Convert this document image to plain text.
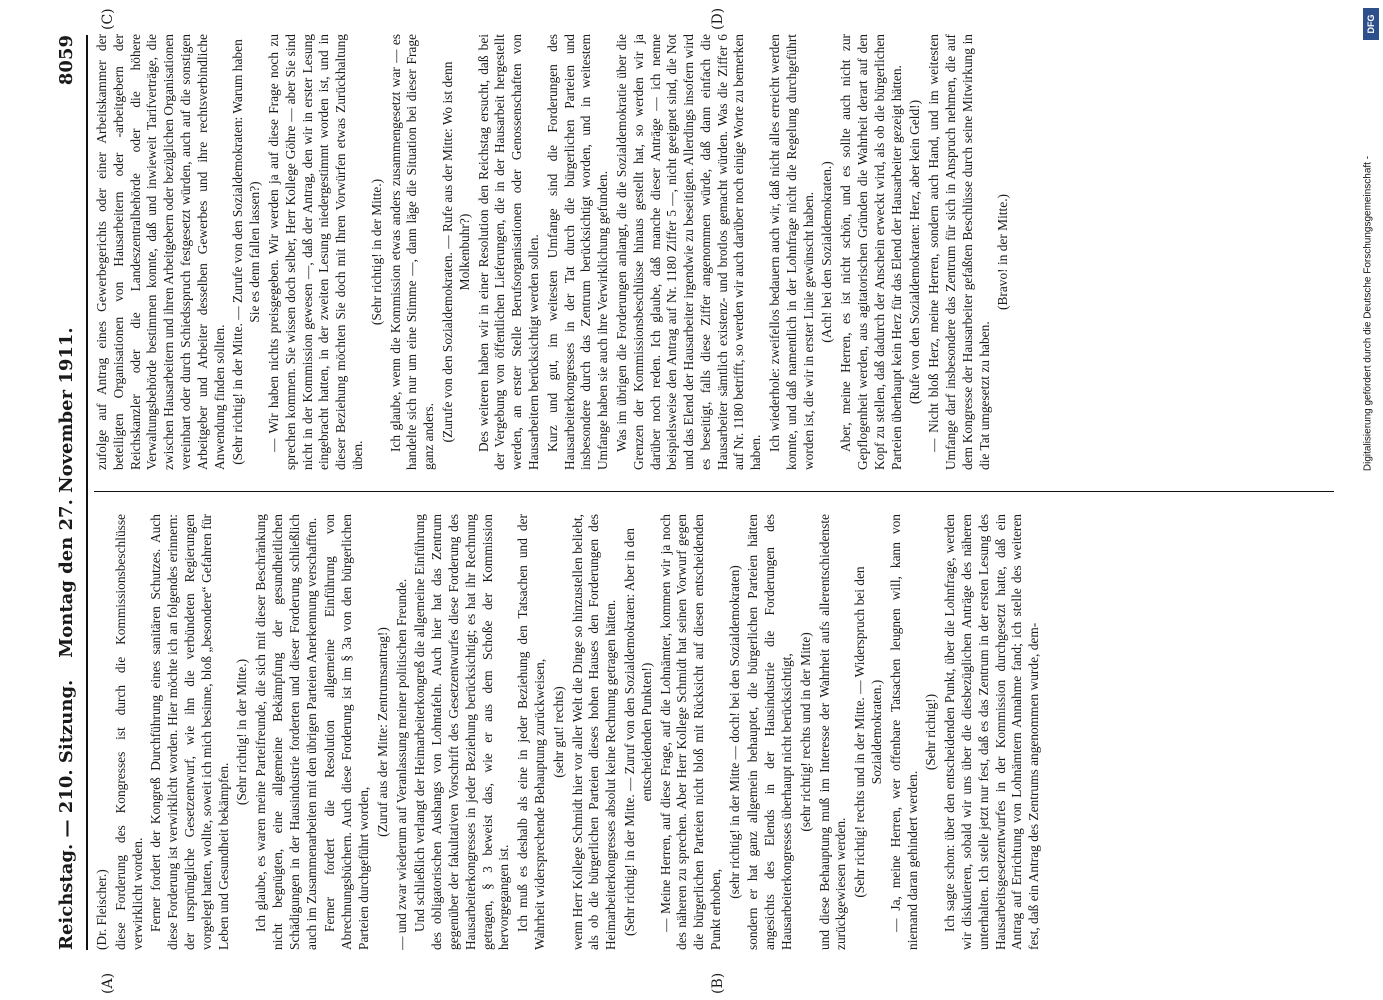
Reichstag. — 210. Sitzung.
Montag den 27. November 1911.
8059

(Dr. Fleischer.) diese Forderung des Kongresses ist durch die Kommissionsbeschlüsse verwirklicht worden. Ferner fordert der Kongreß Durchführung eines sanitären Schutzes. Auch diese Forderung ist verwirklicht worden. Hier möchte ich an folgendes erinnern: der ursprüngliche Gesetzentwurf, wie ihn die verbündeten Regierungen vorgelegt hatten, wollte, soweit ich mich besinne, bloß „besondere“ Gefahren für Leben und Gesundheit bekämpfen.

(Sehr richtig! in der Mitte.) Ich glaube, es waren meine Parteifreunde, die sich mit dieser Beschränkung nicht begnügten, eine allgemeine Bekämpfung der gesundheitlichen Schädigungen in der Hausindustrie forderten und dieser Forderung schließlich auch im Zusammenarbeiten mit den übrigen Parteien Anerkennung verschafften. Ferner fordert die Resolution allgemeine Einführung von Abrechnungsbüchern. Auch diese Forderung ist im § 3a von den bürgerlichen Parteien durchgeführt worden,

(Zuruf aus der Mitte: Zentrumsantrag!) — und zwar wiederum auf Veranlassung meiner politischen Freunde. Und schließlich verlangt der Heimarbeiterkongreß die allgemeine Einführung des obligatorischen Aushangs von Lohntafeln. Auch hier hat das Zentrum gegenüber der fakultativen Vorschrift des Gesetzentwurfes diese Forderung des Hausarbeiterkongresses in jeder Beziehung berücksichtigt; es hat ihr Rechnung getragen, § 3 beweist das, wie er aus dem Schoße der Kommission hervorgegangen ist. Ich muß es deshalb als eine in jeder Beziehung den Tatsachen und der Wahrheit widersprechende Behauptung zurückweisen, (sehr gut! rechts) wenn Herr Kollege Schmidt hier vor aller Welt die Dinge so hinzustellen beliebt, als ob die bürgerlichen Parteien dieses hohen Hauses den Forderungen des Heimarbeiterkongresses absolut keine Rechnung getragen hätten. (Sehr richtig! in der Mitte. — Zuruf von den Sozialdemokraten: Aber in den entscheidenden Punkten!) — Meine Herren, auf diese Frage, auf die Lohnämter, kommen wir ja noch des näheren zu sprechen. Aber Herr Kollege Schmidt hat seinen Vorwurf gegen die bürgerlichen Parteien nicht bloß mit Rücksicht auf diesen entscheidenden Punkt erhoben,

(sehr richtig! in der Mitte — doch! bei den Sozialdemokraten) sondern er hat ganz allgemein behauptet, die bürgerlichen Parteien hätten angesichts des Elends in der Hausindustrie die Forderungen des Hausarbeiterkongresses überhaupt nicht berücksichtigt, (sehr richtig! rechts und in der Mitte) und diese Behauptung muß im Interesse der Wahrheit aufs allerentschiedenste zurückgewiesen werden. (Sehr richtig! rechts und in der Mitte. — Widerspruch bei den Sozialdemokraten.) — Ja, meine Herren, wer offenbare Tatsachen leugnen will, kann von niemand daran gehindert werden.

(Sehr richtig!) Ich sagte schon: über den entscheidenden Punkt, über die Lohnfrage, werden wir diskutieren, sobald wir uns über die diesbezüglichen Anträge des näheren unterhalten. Ich stelle jetzt nur fest, daß es das Zentrum in der ersten Lesung des Hausarbeitsgesetzentwurfes in der Kommission durchgesetzt hatte, daß ein Antrag auf Errichtung von Lohnämtern Annahme fand; ich stelle des weiteren fest, daß ein Antrag des Zentrums angenommen wurde, dem-

zufolge auf Antrag eines Gewerbegerichts oder einer Arbeitskammer der beteiligten Organisationen von Hausarbeitern oder -arbeitgebern der Reichskanzler oder die Landeszentralbehörde oder die höhere Verwaltungsbehörde bestimmen konnte, daß und inwieweit Tarifverträge, die zwischen Hausarbeitern und ihren Arbeitgebern oder bezüglichen Organisationen vereinbart oder durch Schiedsspruch festgesetzt würden, auch auf die sonstigen Arbeitgeber und Arbeiter desselben Gewerbes und ihre rechtsverbindliche Anwendung finden sollten. (Sehr richtig! in der Mitte. — Zurufe von den Sozialdemokraten: Warum haben Sie es denn fallen lassen?) — Wir haben nichts preisgegeben. Wir werden ja auf diese Frage noch zu sprechen kommen. Sie wissen doch selber, Herr Kollege Göhre — aber Sie sind nicht in der Kommission gewesen —, daß der Antrag, den wir in erster Lesung eingebracht hatten, in der zweiten Lesung niedergestimmt worden ist, und in dieser Beziehung möchten Sie doch mit Ihren Vorwürfen etwas Zurückhaltung üben.

(Sehr richtig! in der Mitte.) Ich glaube, wenn die Kommission etwas anders zusammengesetzt war — es handelte sich nur um eine Stimme —, dann läge die Situation bei dieser Frage ganz anders. (Zurufe von den Sozialdemokraten. — Rufe aus der Mitte: Wo ist denn Molkenbuhr?) Des weiteren haben wir in einer Resolution den Reichstag ersucht, daß bei der Vergebung von öffentlichen Lieferungen, die in der Hausarbeit hergestellt werden, an erster Stelle Berufsorganisationen oder Genossenschaften von Hausarbeitern berücksichtigt werden sollen. Kurz und gut, im weitesten Umfange sind die Forderungen des Hausarbeiterkongresses in der Tat durch die bürgerlichen Parteien und insbesondere durch das Zentrum berücksichtigt worden, und in weitestem Umfange haben sie auch ihre Verwirklichung gefunden. Was im übrigen die Forderungen anlangt, die die Sozialdemokratie über die Grenzen der Kommissionsbeschlüsse hinaus gestellt hat, so werden wir ja darüber noch reden. Ich glaube, daß manche dieser Anträge — ich nenne beispielsweise den Antrag auf Nr. 1180 Ziffer 5 —, nicht geeignet sind, die Not und das Elend der Hausarbeiter irgendwie zu beseitigen. Allerdings insofern wird es beseitigt, falls diese Ziffer angenommen würde, daß dann einfach die Hausarbeiter sämtlich existenz- und brotlos gemacht würden. Was die Ziffer 6 auf Nr. 1180 betrifft, so werden wir auch darüber noch einige Worte zu bemerken haben.

Ich wiederhole: zweifellos bedauern auch wir, daß nicht alles erreicht werden konnte, und daß namentlich in der Lohnfrage nicht die Regelung durchgeführt worden ist, die wir in erster Linie gewünscht haben. (Ach! bei den Sozialdemokraten.) Aber, meine Herren, es ist nicht schön, und es sollte auch nicht zur Gepflogenheit werden, aus agitatorischen Gründen die Wahrheit derart auf den Kopf zu stellen, daß dadurch der Anschein erweckt wird, als ob die bürgerlichen Parteien überhaupt kein Herz für das Elend der Hausarbeiter gezeigt hätten. (Rufe von den Sozialdemokraten: Herz, aber kein Geld!) — Nicht bloß Herz, meine Herren, sondern auch Hand, und im weitesten Umfange darf insbesondere das Zentrum für sich in Anspruch nehmen, die auf dem Kongresse der Hausarbeiter gefaßten Beschlüsse durch seine Mitwirkung in die Tat umgesetzt zu haben.

(Bravo! in der Mitte.)

(A)	(B)
(C)	(D)	DFG
Digitalisierung gefördert durch die Deutsche Forschungsgemeinschaft -
